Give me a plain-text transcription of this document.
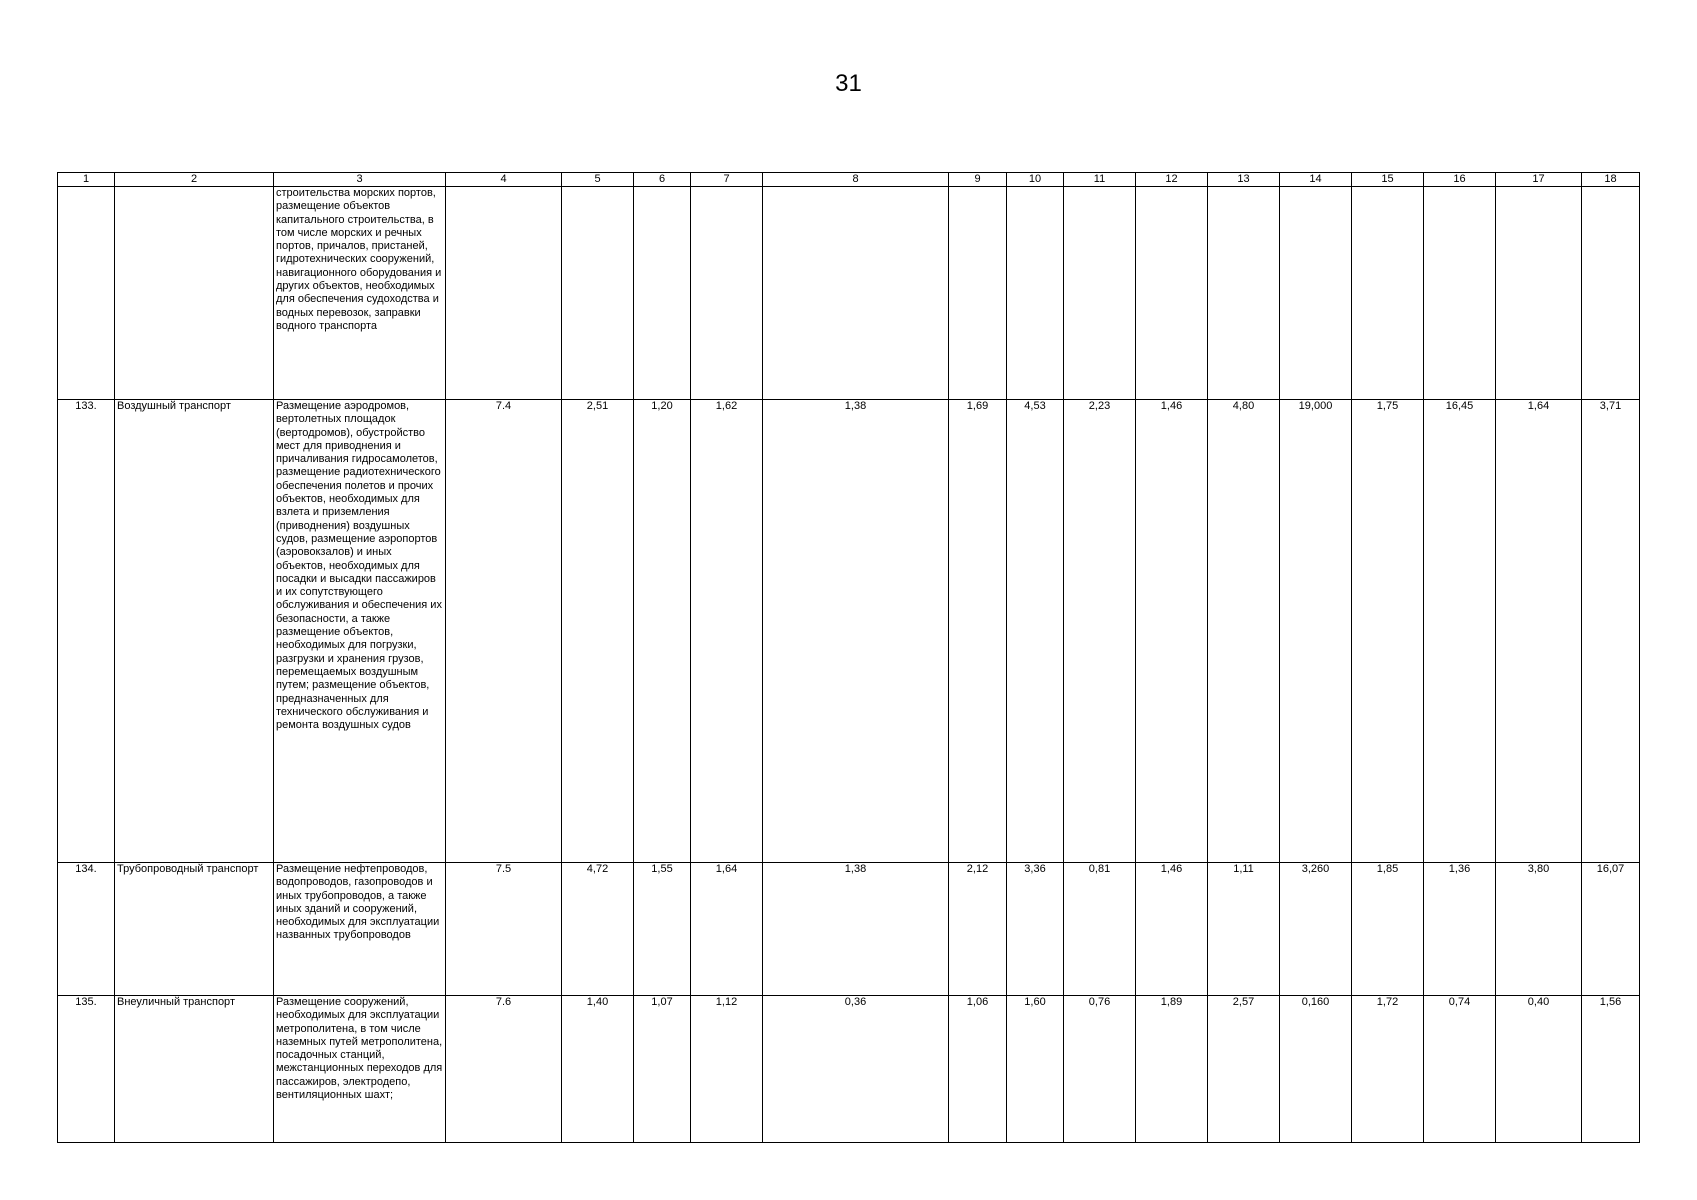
31
1	2	3	4	5	6	7	8	9	10	11	12	13	14	15	16	17	18
		строительства морских портов, размещение объектов капитального строительства, в том числе морских и речных портов, причалов, пристаней, гидротехнических сооружений, навигационного оборудования и других объектов, необходимых для обеспечения судоходства и водных перевозок, заправки водного транспорта															
133.	Воздушный транспорт	Размещение аэродромов, вертолетных площадок (вертодромов), обустройство мест для приводнения и причаливания гидросамолетов, размещение радиотехнического обеспечения полетов и прочих объектов, необходимых для взлета и приземления (приводнения) воздушных судов, размещение аэропортов (аэровокзалов) и иных объектов, необходимых для посадки и высадки пассажиров и их сопутствующего обслуживания и обеспечения их безопасности, а также размещение объектов, необходимых для погрузки, разгрузки и хранения грузов, перемещаемых воздушным путем; размещение объектов, предназначенных для технического обслуживания и ремонта воздушных судов	7.4	2,51	1,20	1,62	1,38	1,69	4,53	2,23	1,46	4,80	19,000	1,75	16,45	1,64	3,71
134.	Трубопроводный транспорт	Размещение нефтепроводов, водопроводов, газопроводов и иных трубопроводов, а также иных зданий и сооружений, необходимых для эксплуатации названных трубопроводов	7.5	4,72	1,55	1,64	1,38	2,12	3,36	0,81	1,46	1,11	3,260	1,85	1,36	3,80	16,07
135.	Внеуличный транспорт	Размещение сооружений, необходимых для эксплуатации метрополитена, в том числе наземных путей метрополитена, посадочных станций, межстанционных переходов для пассажиров, электродепо, вентиляционных шахт;	7.6	1,40	1,07	1,12	0,36	1,06	1,60	0,76	1,89	2,57	0,160	1,72	0,74	0,40	1,56
